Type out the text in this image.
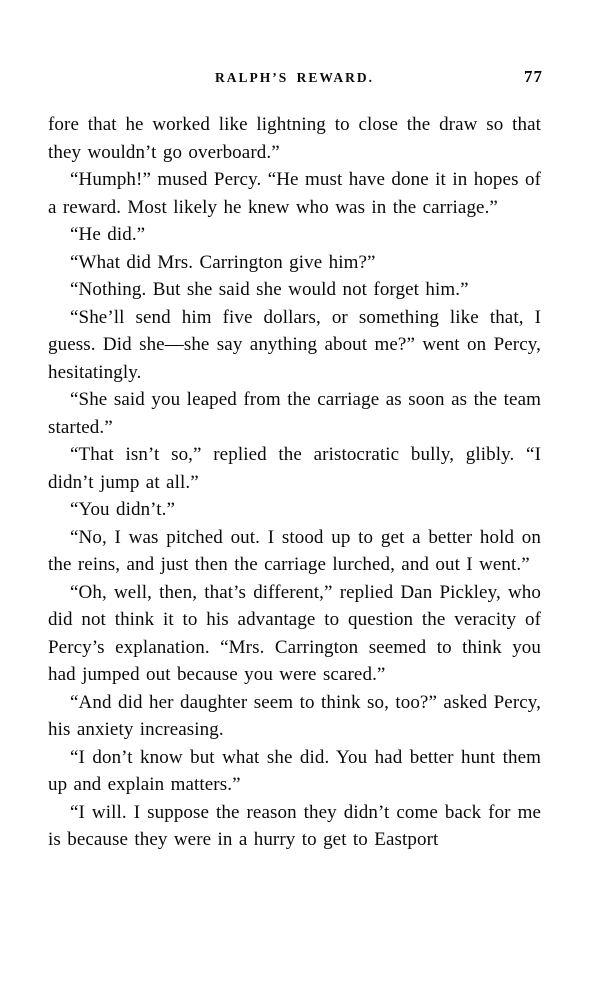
RALPH’S REWARD.	77

fore that he worked like lightning to close the draw so that they wouldn’t go overboard.”

“Humph!” mused Percy. “He must have done it in hopes of a reward. Most likely he knew who was in the carriage.”

“He did.”

“What did Mrs. Carrington give him?”

“Nothing. But she said she would not forget him.”

“She’ll send him five dollars, or something like that, I guess. Did she—she say anything about me?” went on Percy, hesitatingly.

“She said you leaped from the carriage as soon as the team started.”

“That isn’t so,” replied the aristocratic bully, glibly. “I didn’t jump at all.”

“You didn’t.”

“No, I was pitched out. I stood up to get a better hold on the reins, and just then the carriage lurched, and out I went.”

“Oh, well, then, that’s different,” replied Dan Pickley, who did not think it to his advantage to question the veracity of Percy’s explanation. “Mrs. Carrington seemed to think you had jumped out because you were scared.”

“And did her daughter seem to think so, too?” asked Percy, his anxiety increasing.

“I don’t know but what she did. You had better hunt them up and explain matters.”

“I will. I suppose the reason they didn’t come back for me is because they were in a hurry to get to Eastport
